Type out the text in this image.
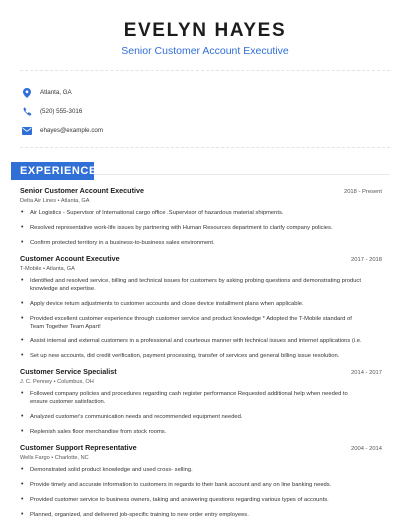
EVELYN HAYES
Senior Customer Account Executive
Atlanta, GA
(520) 555-3016
ehayes@example.com
EXPERIENCE
Senior Customer Account Executive	2018 - Present
Delta Air Lines • Atlanta, GA
•	Air Logistics - Supervisor of International cargo office .Supervisor of hazardous material shipments.
•	Resolved representative work-life issues by partnering with Human Resources department to clarify company policies.
•	Confirm protected territory in a business-to-business sales environment.
Customer Account Executive	2017 - 2018
T-Mobile • Atlanta, GA
•	Identified and resolved service, billing and technical issues for customers by asking probing questions and demonstrating product knowledge and expertise.
•	Apply device return adjustments to customer accounts and close device installment plans when applicable.
•	Provided excellent customer experience through customer service and product knowledge * Adopted the T-Mobile standard of Team Together Team Apart!
•	Assist internal and external customers in a professional and courteous manner with technical issues and internet applications (i.e.
•	Set up new accounts, did credit verification, payment processing, transfer of services and general billing issue resolution.
Customer Service Specialist	2014 - 2017
J. C. Penney • Columbus, OH
•	Followed company policies and procedures regarding cash register performance Requested additional help when needed to ensure customer satisfaction.
•	Analyzed customer's communication needs and recommended equipment needed.
•	Replenish sales floor merchandise from stock rooms.
Customer Support Representative	2004 - 2014
Wells Fargo • Charlotte, NC
•	Demonstrated solid product knowledge and used cross- selling.
•	Provide timely and accurate information to customers in regards to their bank account and any on line banking needs.
•	Provided customer service to business owners, taking and answering questions regarding various types of accounts.
•	Planned, organized, and delivered job-specific training to new order entry employees.
